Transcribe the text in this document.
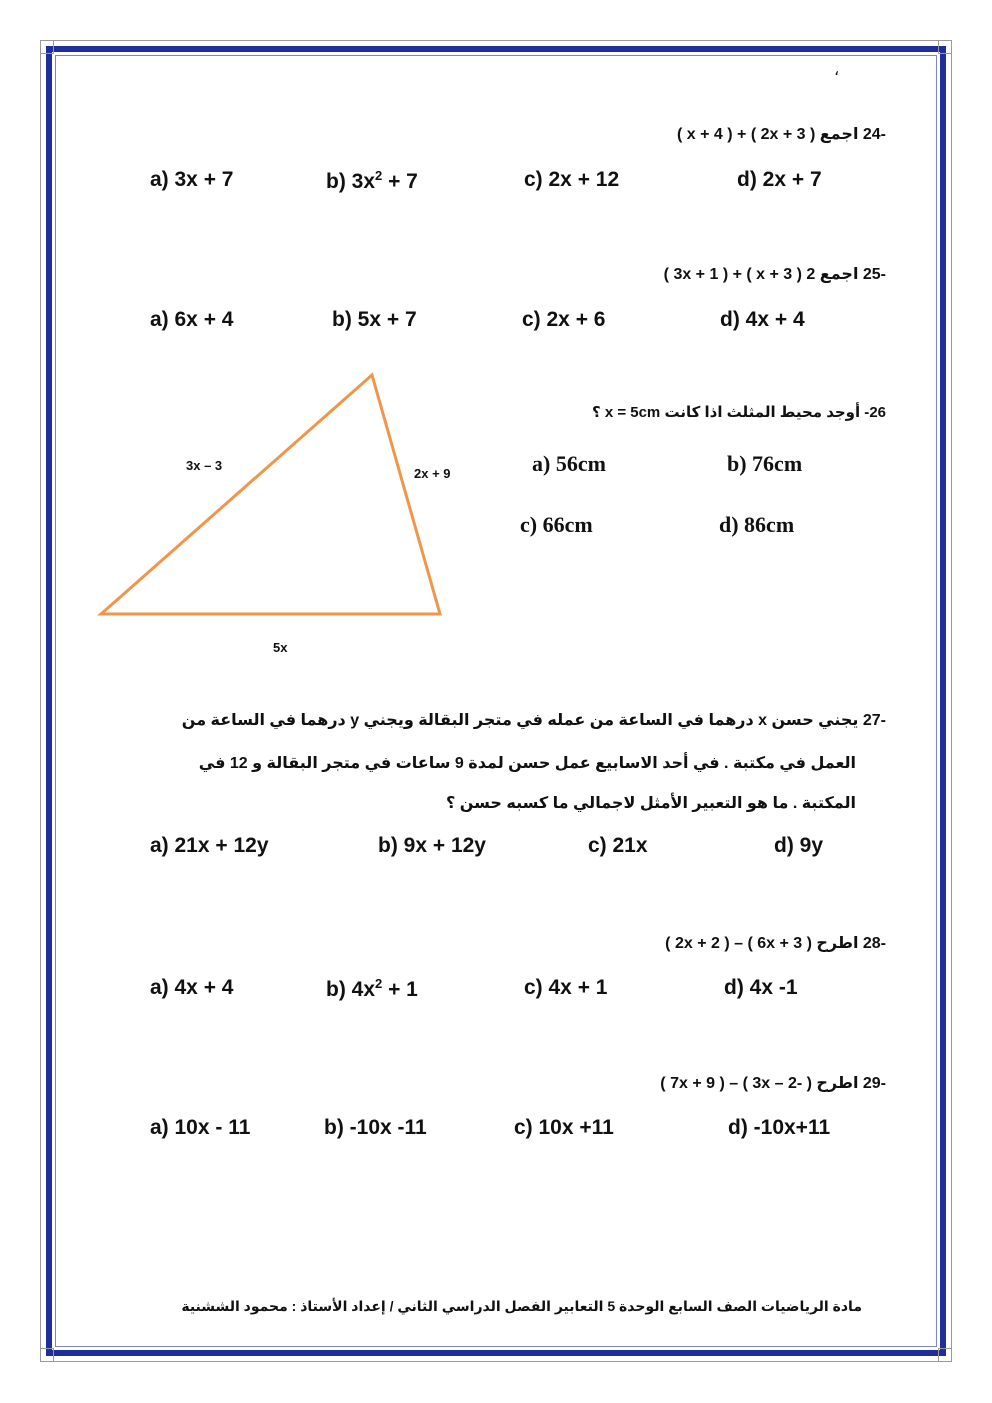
،
-24 اجمع ( 2x + 3 ) + ( x + 4 )
a) 3x + 7	b) $3x^2 + 7$	c) 2x + 12	d) 2x + 7
-25 اجمع 2 ( x + 3 ) + ( 3x + 1 )
a) 6x + 4	b) 5x + 7	c) 2x + 6	d) 4x + 4
3x – 3
2x + 9
5x
26- أوجد محيط المثلث اذا كانت x = 5cm ؟
a) 56cm	b) 76cm
c) 66cm	d) 86cm
-27 يجني حسن x درهما في الساعة من عمله في متجر البقالة ويجني y درهما في الساعة من
العمل في مكتبة . في أحد الاسابيع عمل حسن لمدة 9 ساعات في متجر البقالة و 12 في
المكتبة . ما هو التعبير الأمثل لاجمالي ما كسبه حسن ؟
a) 21x + 12y	b) 9x + 12y	c) 21x	d) 9y
-28 اطرح ( 6x + 3 ) – ( 2x + 2 )
a) 4x + 4	b) $4x^2 + 1$	c) 4x + 1	d) 4x -1
-29 اطرح ( -3x – 2 ) – ( 7x + 9 )
a) 10x - 11	b) -10x -11	c) 10x +11	d) -10x+11
مادة الرياضيات الصف السابع الوحدة 5 التعابير الفصل الدراسي الثاني / إعداد الأستاذ : محمود الششنية
